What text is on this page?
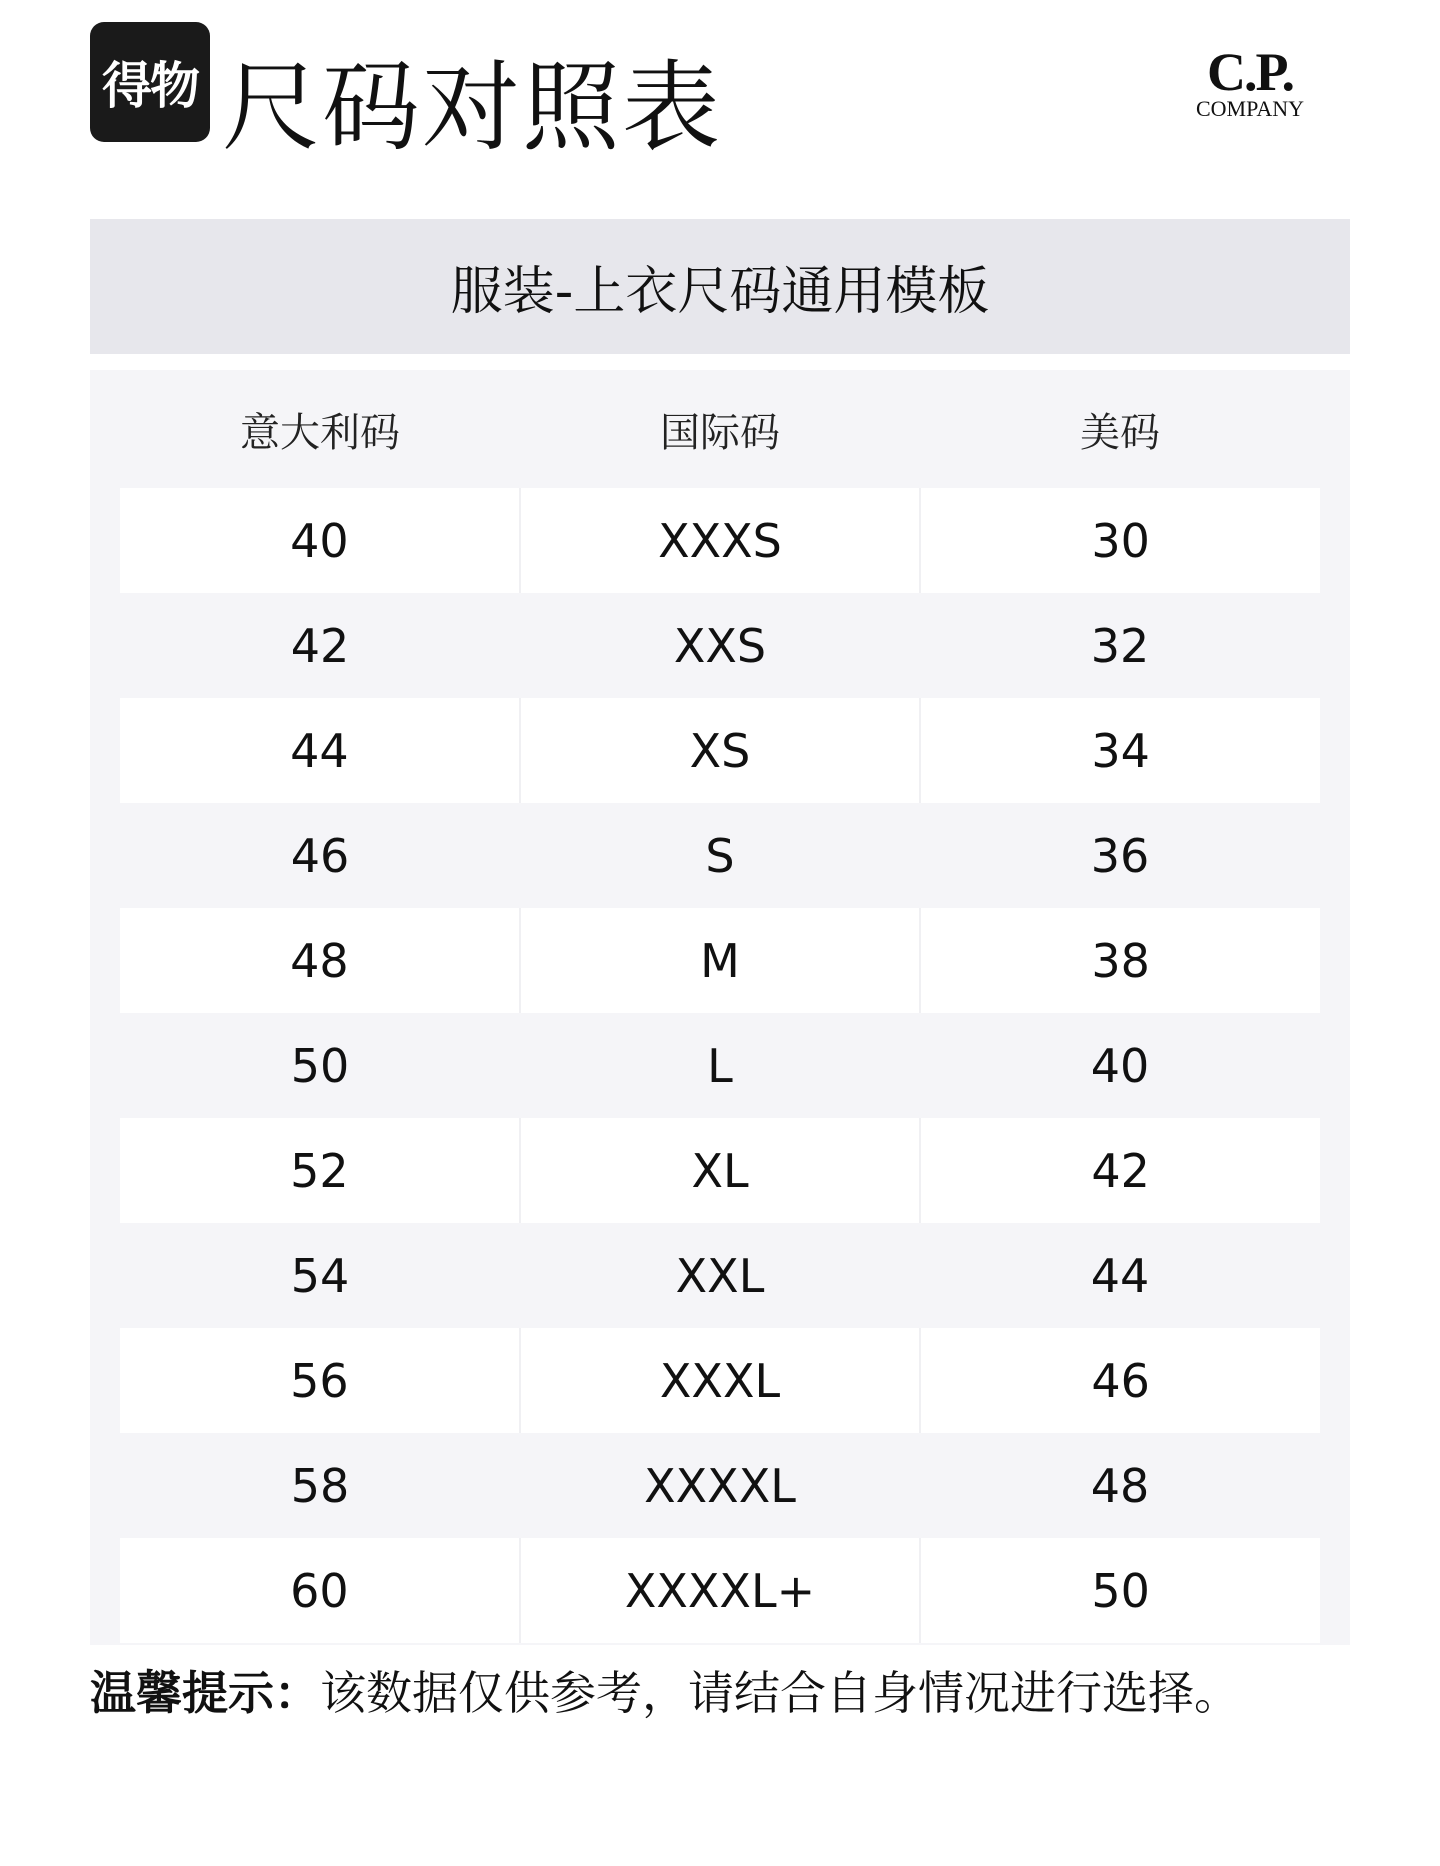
得物 尺码对照表	C.P.
COMPANY
服装-上衣尺码通用模板
意大利码	国际码	美码
40	XXXS	30
42	XXS	32
44	XS	34
46	S	36
48	M	38
50	L	40
52	XL	42
54	XXL	44
56	XXXL	46
58	XXXXL	48
60	XXXXL+	50
温馨提示：该数据仅供参考，请结合自身情况进行选择。
